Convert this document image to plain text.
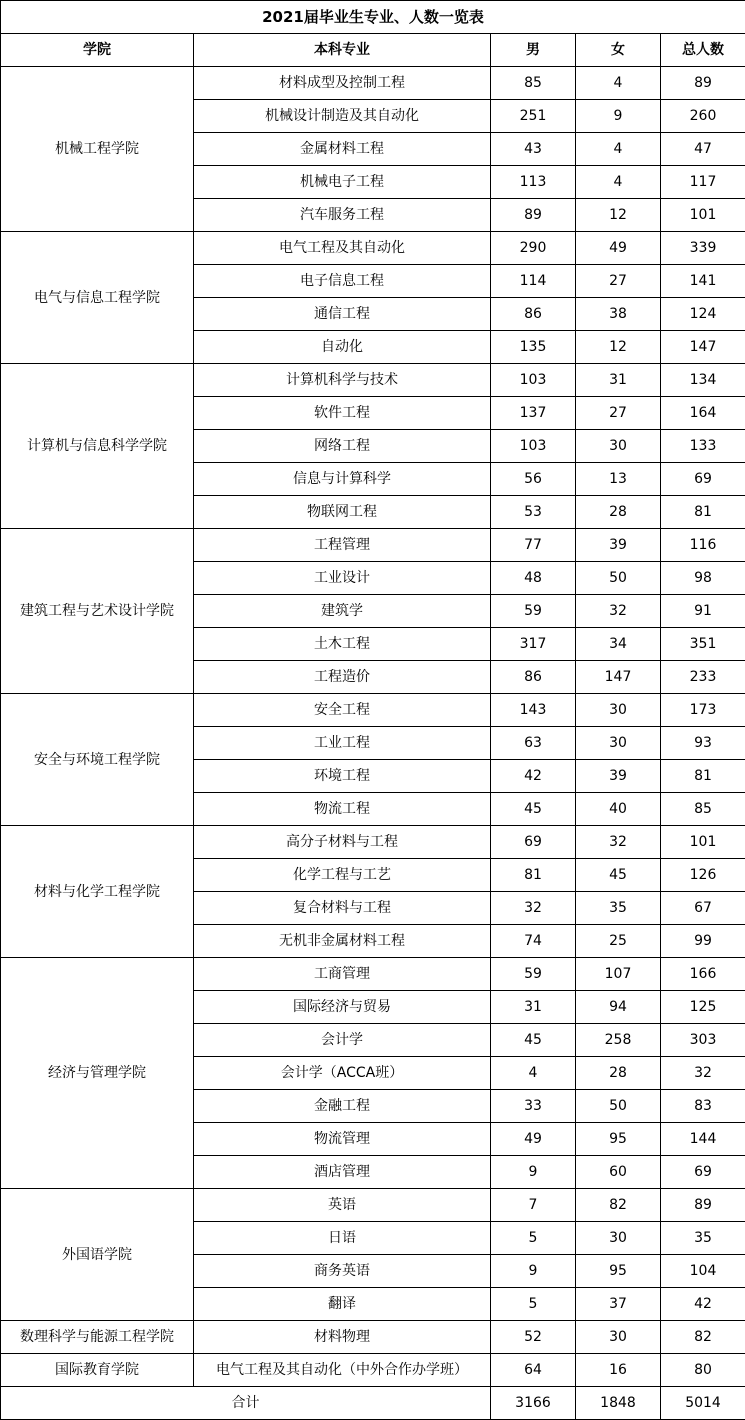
2021届毕业生专业、人数一览表				
学院	本科专业	男	女	总人数
机械工程学院	材料成型及控制工程	85	4	89
	机械设计制造及其自动化	251	9	260
	金属材料工程	43	4	47
	机械电子工程	113	4	117
	汽车服务工程	89	12	101
电气与信息工程学院	电气工程及其自动化	290	49	339
	电子信息工程	114	27	141
	通信工程	86	38	124
	自动化	135	12	147
计算机与信息科学学院	计算机科学与技术	103	31	134
	软件工程	137	27	164
	网络工程	103	30	133
	信息与计算科学	56	13	69
	物联网工程	53	28	81
建筑工程与艺术设计学院	工程管理	77	39	116
	工业设计	48	50	98
	建筑学	59	32	91
	土木工程	317	34	351
	工程造价	86	147	233
安全与环境工程学院	安全工程	143	30	173
	工业工程	63	30	93
	环境工程	42	39	81
	物流工程	45	40	85
材料与化学工程学院	高分子材料与工程	69	32	101
	化学工程与工艺	81	45	126
	复合材料与工程	32	35	67
	无机非金属材料工程	74	25	99
经济与管理学院	工商管理	59	107	166
	国际经济与贸易	31	94	125
	会计学	45	258	303
	会计学（ACCA班）	4	28	32
	金融工程	33	50	83
	物流管理	49	95	144
	酒店管理	9	60	69
外国语学院	英语	7	82	89
	日语	5	30	35
	商务英语	9	95	104
	翻译	5	37	42
数理科学与能源工程学院	材料物理	52	30	82
国际教育学院	电气工程及其自动化（中外合作办学班）	64	16	80
合计		3166	1848	5014
